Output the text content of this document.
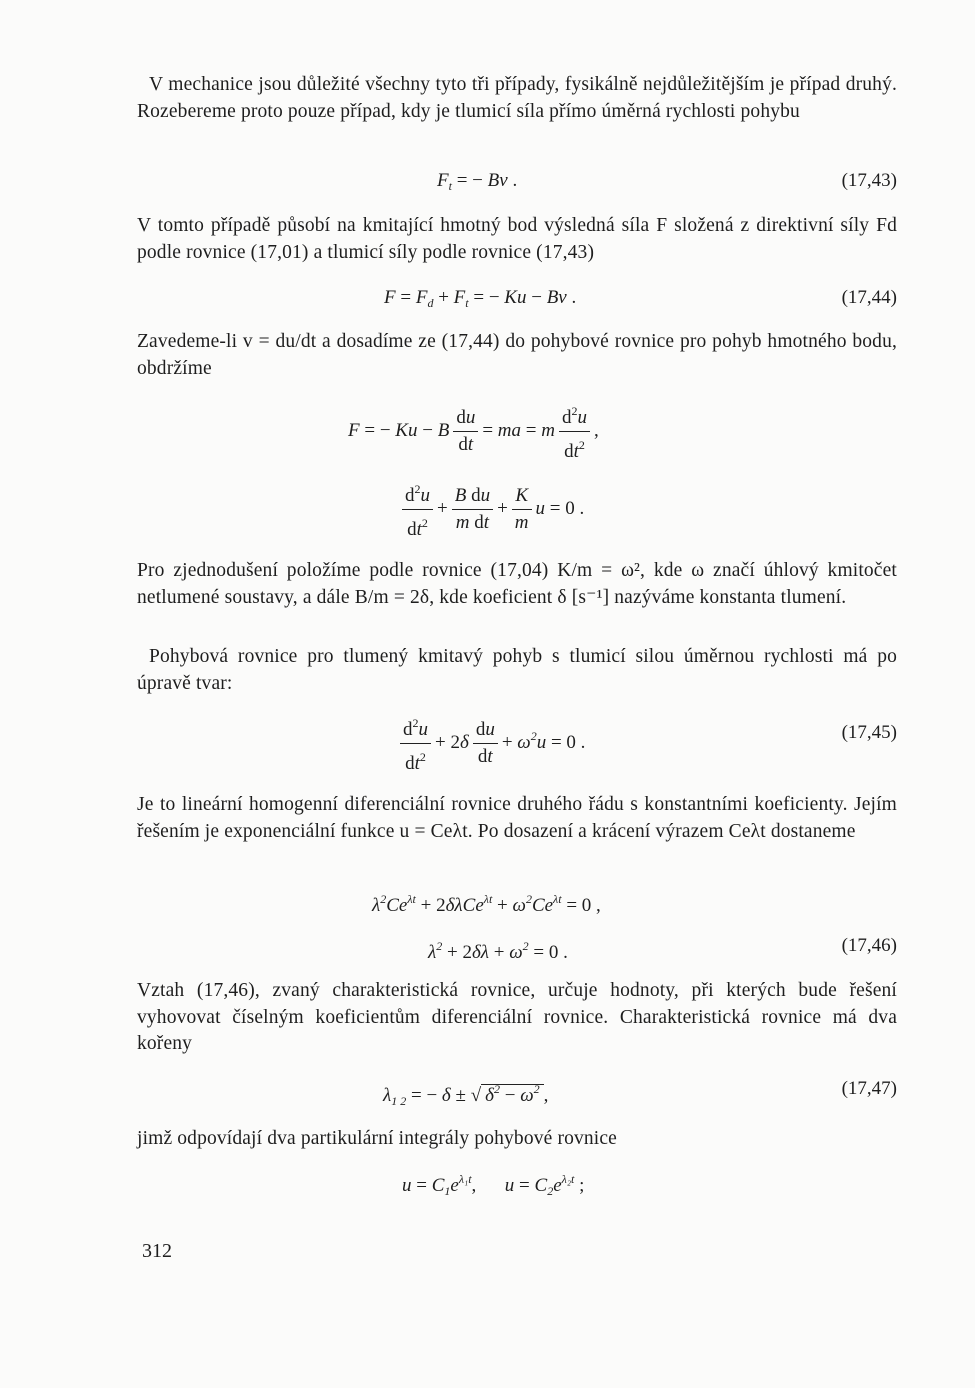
V mechanice jsou důležité všechny tyto tři případy, fysikálně nejdůležitějším je případ druhý. Rozebereme proto pouze případ, kdy je tlumicí síla přímo úměrná rychlosti pohybu
$F_t$ = − Bv .	(17,43)
V tomto případě působí na kmitající hmotný bod výsledná síla F složená z direktivní síly Fd podle rovnice (17,01) a tlumicí síly podle rovnice (17,43)
$F = F_d + F_t$ = − Ku − Bv .	(17,44)
Zavedeme-li v = du/dt a dosadíme ze (17,44) do pohybové rovnice pro pohyb hmotného bodu, obdržíme
F = − Ku − B $\frac{du}{dt}$ = ma = m $\frac{d^2u}{dt^2}$ ,
$\frac{d^2u}{dt^2} + \frac{\text{B du}}{\text{m dt}} + \frac{K}{m}$ u = 0 .
Pro zjednodušení položíme podle rovnice (17,04) K/m = ω², kde ω značí úhlový kmitočet netlumené soustavy, a dále B/m = 2δ, kde koeficient δ [s⁻¹] nazýváme konstanta tlumení.
Pohybová rovnice pro tlumený kmitavý pohyb s tlumicí silou úměrnou rychlosti má po úpravě tvar:
$\frac{d^2u}{dt^2} + 2\delta \frac{du}{dt} + \omega^2u = 0$ .	(17,45)
Je to lineární homogenní diferenciální rovnice druhého řádu s konstantními koeficienty. Jejím řešením je exponenciální funkce u = Ceλt. Po dosazení a krácení výrazem Ceλt dostaneme
$\lambda^2Ce^{\lambda t} + 2\delta\lambda Ce^{\lambda t} + \omega^2Ce^{\lambda t} = 0$ ,
$\lambda^2 + 2\delta\lambda + \omega^2 = 0$ .	(17,46)
Vztah (17,46), zvaný charakteristická rovnice, určuje hodnoty, při kterých bude řešení vyhovovat číselným koeficientům diferenciální rovnice. Charakteristická rovnice má dva kořeny
$\lambda_{1 2}$ = − δ ± √ $\delta^2 - \omega^2$ ,	(17,47)
jimž odpovídají dva partikulární integrály pohybové rovnice
$u = C_1e^{\lambda_1t}$,      $u = C_2e^{\lambda_2t}$ ;
312
